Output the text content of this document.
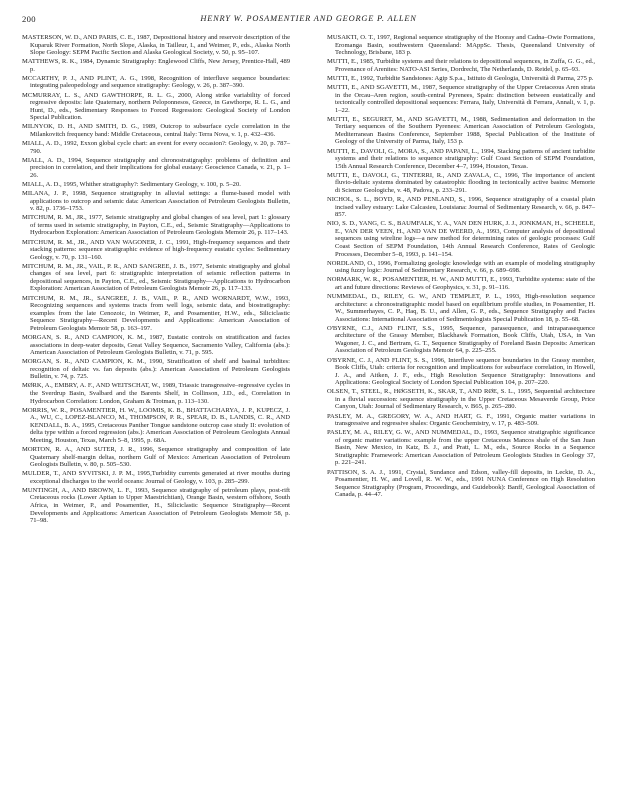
200	HENRY W. POSAMENTIER AND GEORGE P. ALLEN

MASTERSON, W. D., AND PARIS, C. E., 1987, Depositional history and reservoir description of the Kuparuk River Formation, North Slope, Alaska, in Tailleur, I., and Weimer, P., eds., Alaska North Slope Geology: SEPM Pacific Section and Alaska Geological Society, v. 50, p. 95–107.

MATTHEWS, R. K., 1984, Dynamic Stratigraphy: Englewood Cliffs, New Jersey, Prentice-Hall, 489 p.

MCCARTHY, P. J., AND PLINT, A. G., 1998, Recognition of interfluve sequence boundaries: integrating paleopedology and sequence stratigraphy: Geology, v. 26, p. 387–390.

MCMURRAY, L. S., AND GAWTHORPE, R. L. G., 2000, Along strike variability of forced regressive deposits: late Quaternary, northern Peloponnesos, Greece, in Gawthorpe, R. L. G., and Hunt, D., eds., Sedimentary Responses to Forced Regression: Geological Society of London Special Publication.

MILNYOK, D. H., AND SMITH, D. G., 1989, Outcrop to subsurface cycle correlation in the Milankovitch frequency band: Middle Cretaceous, central Italy: Terra Nova, v. 1, p. 432–436.

MIALL, A. D., 1992, Exxon global cycle chart: an event for every occasion?: Geology, v. 20, p. 787–790.

MIALL, A. D., 1994, Sequence stratigraphy and chronostratigraphy: problems of definition and precision in correlation, and their implications for global eustasy: Geoscience Canada, v. 21, p. 1–26.

MIALL, A. D., 1995, Whither stratigraphy?: Sedimentary Geology, v. 100, p. 5–20.

MILANA, J. P., 1998, Sequence stratigraphy in alluvial settings: a flume-based model with applications to outcrop and seismic data: American Association of Petroleum Geologists Bulletin, v. 82, p. 1736–1753.

MITCHUM, R. M., JR., 1977, Seismic stratigraphy and global changes of sea level, part 1: glossary of terms used in seismic stratigraphy, in Payton, C.E., ed., Seismic Stratigraphy—Applications to Hydrocarbon Exploration: American Association of Petroleum Geologists Memoir 26, p. 117–143.

MITCHUM, R. M., JR., AND VAN WAGONER, J. C., 1991, High-frequency sequences and their stacking patterns: sequence stratigraphic evidence of high-frequency eustatic cycles: Sedimentary Geology, v. 70, p. 131–160.

MITCHUM, R. M., JR., VAIL, P. R., AND SANGREE, J. B., 1977, Seismic stratigraphy and global changes of sea level, part 6: stratigraphic interpretation of seismic reflection patterns in depositional sequences, in Payton, C.E., ed., Seismic Stratigraphy—Applications to Hydrocarbon Exploration: American Association of Petroleum Geologists Memoir 26, p. 117–133.

MITCHUM, R. M., JR., SANGREE, J. B., VAIL, P. R., AND WORNARDT, W.W., 1993, Recognizing sequences and systems tracts from well logs, seismic data, and biostratigraphy: examples from the late Cenozoic, in Weimer, P., and Posamentier, H.W., eds., Siliciclastic Sequence Stratigraphy—Recent Developments and Applications: American Association of Petroleum Geologists Memoir 58, p. 163–197.

MORGAN, S. R., AND CAMPION, K. M., 1987, Eustatic controls on stratification and facies associations in deep-water deposits, Great Valley Sequence, Sacramento Valley, California (abs.): American Association of Petroleum Geologists Bulletin, v. 71, p. 595.

MORGAN, S. R., AND CAMPION, K. M., 1990, Stratification of shelf and basinal turbidites: recognition of deltaic vs. fan deposits (abs.): American Association of Petroleum Geologists Bulletin, v. 74, p. 725.

MØRK, A., EMBRY, A. F., AND WEITSCHAT, W., 1989, Triassic transgressive–regressive cycles in the Sverdrup Basin, Svalbard and the Barents Shelf, in Collinson, J.D., ed., Correlation in Hydrocarbon Correlation: London, Graham & Trotman, p. 113–130.

MORRIS, W. R., POSAMENTIER, H. W., LOOMIS, K. B., BHATTACHARYA, J. P., KUPECZ, J. A., WU, C., LOPEZ-BLANCO, M., THOMPSON, P. R., SPEAR, D. B., LANDIS, C. R., AND KENDALL, B. A., 1995, Cretaceous Panther Tongue sandstone outcrop case study II: evolution of delta type within a forced regression (abs.): American Association of Petroleum Geologists Annual Meeting, Houston, Texas, March 5–8, 1995, p. 68A.

MORTON, R. A., AND SUTER, J. R., 1996, Sequence stratigraphy and composition of late Quaternary shelf-margin deltas, northern Gulf of Mexico: American Association of Petroleum Geologists Bulletin, v. 80, p. 505–530.

MULDER, T., AND SYVITSKI, J. P. M., 1995,Turbidity currents generated at river mouths during exceptional discharges to the world oceans: Journal of Geology, v. 103, p. 285–299.

MUNTINGH, A., AND BROWN, L. F., 1993, Sequence stratigraphy of petroleum plays, post-rift Cretaceous rocks (Lower Aptian to Upper Maestrichtian), Orange Basin, western offshore, South Africa, in Weimer, P., and Posamentier, H., Siliciclastic Sequence Stratigraphy—Recent Developments and Applications: American Association of Petroleum Geologists Memoir 58, p. 71–98.

MUSAKTI, O. T., 1997, Regional sequence stratigraphy of the Hooray and Cadna–Owie Formations, Eromanga Basin, southwestern Queensland: MAppSc. Thesis, Queensland University of Technology, Brisbane, 183 p.

MUTTI, E., 1985, Turbidite systems and their relations to depositional sequences, in Zuffa, G. G., ed., Provenance of Arenites: NATO-ASI Series, Dordrecht, The Netherlands, D. Reidel, p. 65–93.

MUTTI, E., 1992, Turbidite Sandstones: Agip S.p.a., Istituto di Geologia, Università di Parma, 275 p.

MUTTI, E., AND SGAVETTI, M., 1987, Sequence stratigraphy of the Upper Cretaceous Aren strata in the Orcau–Aren region, south-central Pyrenees, Spain: distinction between eustatically and tectonically controlled depositional sequences: Ferrara, Italy, Università di Ferrara, Annali, v. 1, p. 1–22.

MUTTI, E., SEGURET, M., AND SGAVETTI, M., 1988, Sedimentation and deformation in the Tertiary sequences of the Southern Pyrenees: American Association of Petroleum Geologists, Mediterranean Basins Conference, September 1988, Special Publication of the Institute of Geology of the University of Parma, Italy, 153 p.

MUTTI, E., DAVOLI, G., MORA, S., AND PAPANI, L., 1994, Stacking patterns of ancient turbidite systems and their relations to sequence stratigraphy: Gulf Coast Section of SEPM Foundation, 15th Annual Research Conference, December 4–7, 1994, Houston, Texas.

MUTTI, E., DAVOLI, G., TINTERRI, R., AND ZAVALA, C., 1996, The importance of ancient fluvio-deltaic systems dominated by catastrophic flooding in tectonically active basins: Memorie di Scienze Geologiche, v. 48, Padova, p. 233–291.

NICHOL, S. L., BOYD, R., AND PENLAND, S., 1996, Sequence stratigraphy of a coastal plain incised valley estuary: Lake Calcasieu, Louisiana: Journal of Sedimentary Research, v. 66, p. 847–857.

NIO, S. D., YANG, C. S., BAUMFALK, Y. A., VAN DEN HURK, J. J., JONKMAN, H., SCHEELE, E., VAN DER VEEN, H., AND VAN DE WEERD, A., 1993, Computer analysis of depositional sequences using wireline logs—a new method for determining rates of geologic processes: Gulf Coast Section of SEPM Foundation, 14th Annual Research Conference, Rates of Geologic Processes, December 5–8, 1993, p. 141–154.

NORDLAND, O., 1996, Formalizing geologic knowledge with an example of modeling stratigraphy using fuzzy logic: Journal of Sedimentary Research, v. 66, p. 689–698.

NORMARK, W. R., POSAMENTIER, H. W., AND MUTTI, E., 1993, Turbidite systems: state of the art and future directions: Reviews of Geophysics, v. 31, p. 91–116.

NUMMEDAL, D., RILEY, G. W., AND TEMPLET, P. L., 1993, High-resolution sequence architecture: a chronostratigraphic model based on equilibrium profile studies, in Posamentier, H. W., Summerhayes, C. P., Haq, B. U., and Allen, G. P., eds., Sequence Stratigraphy and Facies Associations: International Association of Sedimentologists Special Publication 18, p. 55–68.

O'BYRNE, C.J., AND FLINT, S.S., 1995, Sequence, parasequence, and intraparasequence architecture of the Grassy Member, Blackhawk Formation, Book Cliffs, Utah, USA, in Van Wagoner, J. C., and Bertram, G. T., Sequence Stratigraphy of Foreland Basin Deposits: American Association of Petroleum Geologists Memoir 64, p. 225–255.

O'BYRNE, C. J., AND FLINT, S. S., 1996, Interfluve sequence boundaries in the Grassy member, Book Cliffs, Utah: criteria for recognition and implications for subsurface correlation, in Howell, J. A., and Aitken, J. F., eds., High Resolution Sequence Stratigraphy: Innovations and Applications: Geological Society of London Special Publication 104, p. 207–220.

OLSEN, T., STEEL, R., HØGSETH, K., SKAR, T., AND RØE, S. L., 1995, Sequential architecture in a fluvial succession: sequence stratigraphy in the Upper Cretaceous Mesaverde Group, Price Canyon, Utah: Journal of Sedimentary Research, v. B65, p. 265–280.

PASLEY, M. A., GREGORY, W. A., AND HART, G. F., 1991, Organic matter variations in transgressive and regressive shales: Organic Geochemistry, v. 17, p. 483–509.

PASLEY, M. A., RILEY, G. W., AND NUMMEDAL, D., 1993, Sequence stratigraphic significance of organic matter variations: example from the upper Cretaceous Mancos shale of the San Juan Basin, New Mexico, in Katz, B. J., and Pratt, L. M., eds., Source Rocks in a Sequence Stratigraphic Framework: American Association of Petroleum Geologists Studies in Geology 37, p. 221–241.

PATTISON, S. A. J., 1991, Crystal, Sundance and Edson, valley-fill deposits, in Leckie, D. A., Posamentier, H. W., and Lovell, R. W. W., eds., 1991 NUNA Conference on High Resolution Sequence Stratigraphy (Program, Proceedings, and Guidebook): Banff, Geological Association of Canada, p. 44–47.
